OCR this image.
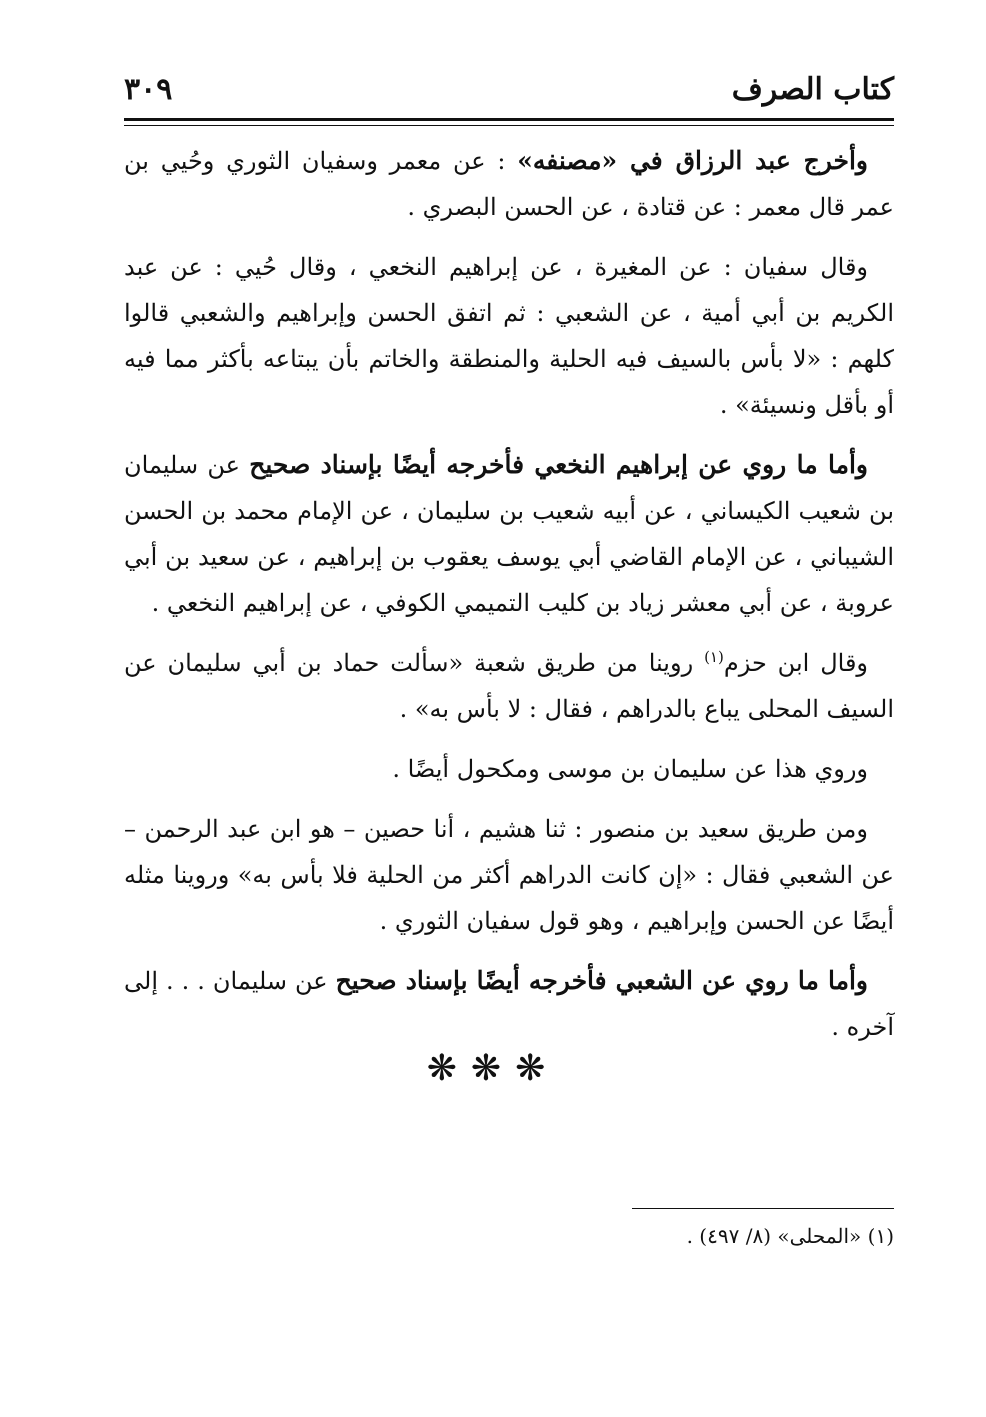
كتاب الصرف
٣٠٩

وأخرج عبد الرزاق في «مصنفه» : عن معمر وسفيان الثوري وحُيي بن عمر قال معمر : عن قتادة ، عن الحسن البصري .

وقال سفيان : عن المغيرة ، عن إبراهيم النخعي ، وقال حُيي : عن عبد الكريم بن أبي أمية ، عن الشعبي : ثم اتفق الحسن وإبراهيم والشعبي قالوا كلهم : «لا بأس بالسيف فيه الحلية والمنطقة والخاتم بأن يبتاعه بأكثر مما فيه أو بأقل ونسيئة» .

وأما ما روي عن إبراهيم النخعي فأخرجه أيضًا بإسناد صحيح عن سليمان بن شعيب الكيساني ، عن أبيه شعيب بن سليمان ، عن الإمام محمد بن الحسن الشيباني ، عن الإمام القاضي أبي يوسف يعقوب بن إبراهيم ، عن سعيد بن أبي عروبة ، عن أبي معشر زياد بن كليب التميمي الكوفي ، عن إبراهيم النخعي .

وقال ابن حزم$^{(١)}$ روينا من طريق شعبة «سألت حماد بن أبي سليمان عن السيف المحلى يباع بالدراهم ، فقال : لا بأس به» .

وروي هذا عن سليمان بن موسى ومكحول أيضًا .

ومن طريق سعيد بن منصور : ثنا هشيم ، أنا حصين – هو ابن عبد الرحمن – عن الشعبي فقال : «إن كانت الدراهم أكثر من الحلية فلا بأس به» وروينا مثله أيضًا عن الحسن وإبراهيم ، وهو قول سفيان الثوري .

وأما ما روي عن الشعبي فأخرجه أيضًا بإسناد صحيح عن سليمان . . . إلى آخره .

❋❋❋
(١) «المحلى» (٨/ ٤٩٧) .
